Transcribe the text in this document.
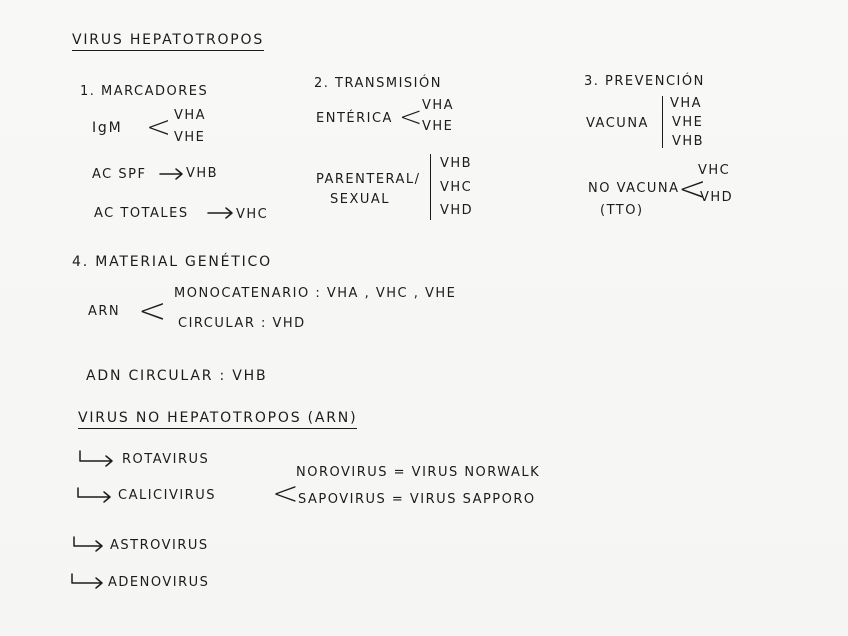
VIRUS HEPATOTROPOS
1. MARCADORES
IgM < VHA
VHE
AC SPF	VHB
AC TOTALES	VHC
2. TRANSMISIÓN
ENTÉRICA < VHA
VHE
PARENTERAL/
SEXUAL
VHB
VHC
VHD
3. PREVENCIÓN
VACUNA
VHA
VHE
VHB
NO VACUNA
(TTO)
<
VHC
VHD
4. MATERIAL GENÉTICO
ARN < MONOCATENARIO : VHA , VHC , VHE
CIRCULAR : VHD
ADN CIRCULAR : VHB
VIRUS NO HEPATOTROPOS (ARN)
ROTAVIRUS
CALICIVIRUS <
NOROVIRUS = VIRUS NORWALK
SAPOVIRUS = VIRUS SAPPORO
ASTROVIRUS
ADENOVIRUS
